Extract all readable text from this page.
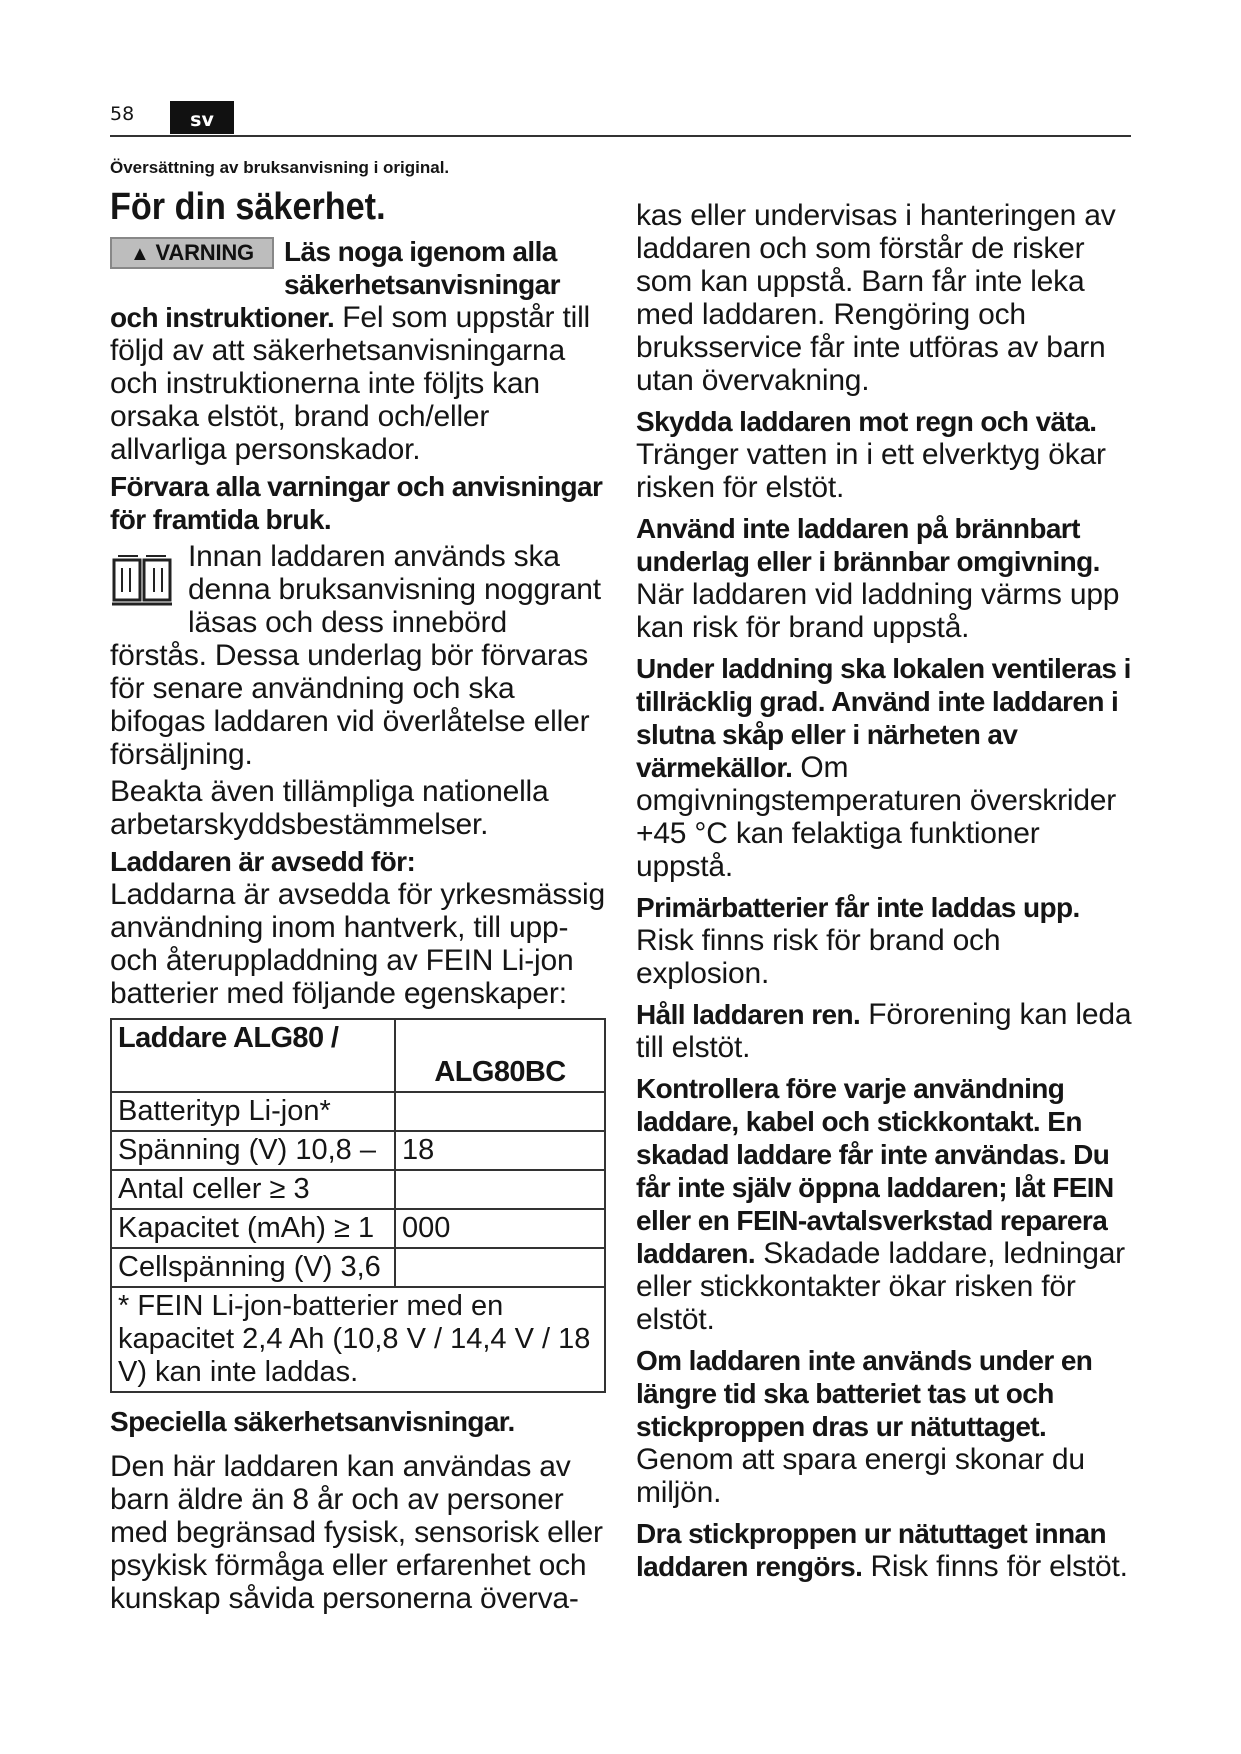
58	sv
Översättning av bruksanvisning i original.
För din säkerhet.
▲ VARNING	Läs noga igenom alla säkerhetsanvisningar och instruktioner. Fel som uppstår till följd av att säkerhetsanvisningarna och instruktionerna inte följts kan orsaka elstöt, brand och/eller allvarliga personskador.
Förvara alla varningar och anvisningar för framtida bruk.
Innan laddaren används ska denna bruksanvisning noggrant läsas och dess innebörd förstås. Dessa underlag bör förvaras för senare användning och ska bifogas laddaren vid överlåtelse eller försäljning.
Beakta även tillämpliga nationella arbetarskyddsbestämmelser.
Laddaren är avsedd för:
Laddarna är avsedda för yrkesmässig användning inom hantverk, till upp- och återuppladdning av FEIN Li-jon batterier med följande egenskaper:
Laddare ALG80 /	ALG80BC
Batterityp Li-jon*	
Spänning (V) 10,8 –	18
Antal celler ≥ 3	
Kapacitet (mAh) ≥ 1	000
Cellspänning (V) 3,6	
* FEIN Li-jon-batterier med en kapacitet 2,4 Ah (10,8 V / 14,4 V / 18 V) kan inte laddas.	
Speciella säkerhetsanvisningar.
Den här laddaren kan användas av barn äldre än 8 år och av personer med begränsad fysisk, sensorisk eller psykisk förmåga eller erfarenhet och kunskap såvida personerna överva-
kas eller undervisas i hanteringen av laddaren och som förstår de risker som kan uppstå. Barn får inte leka med laddaren. Rengöring och bruksservice får inte utföras av barn utan övervakning.
Skydda laddaren mot regn och väta.
Tränger vatten in i ett elverktyg ökar risken för elstöt.
Använd inte laddaren på brännbart underlag eller i brännbar omgivning.
När laddaren vid laddning värms upp kan risk för brand uppstå.
Under laddning ska lokalen ventileras i tillräcklig grad. Använd inte laddaren i slutna skåp eller i närheten av värmekällor. Om omgivningstemperaturen överskrider +45 °C kan felaktiga funktioner uppstå.
Primärbatterier får inte laddas upp.
Risk finns risk för brand och explosion.
Håll laddaren ren. Förorening kan leda till elstöt.
Kontrollera före varje användning laddare, kabel och stickkontakt. En skadad laddare får inte användas. Du får inte själv öppna laddaren; låt FEIN eller en FEIN-avtalsverkstad reparera laddaren. Skadade laddare, ledningar eller stickkontakter ökar risken för elstöt.
Om laddaren inte används under en längre tid ska batteriet tas ut och stickproppen dras ur nätuttaget.
Genom att spara energi skonar du miljön.
Dra stickproppen ur nätuttaget innan laddaren rengörs. Risk finns för elstöt.
